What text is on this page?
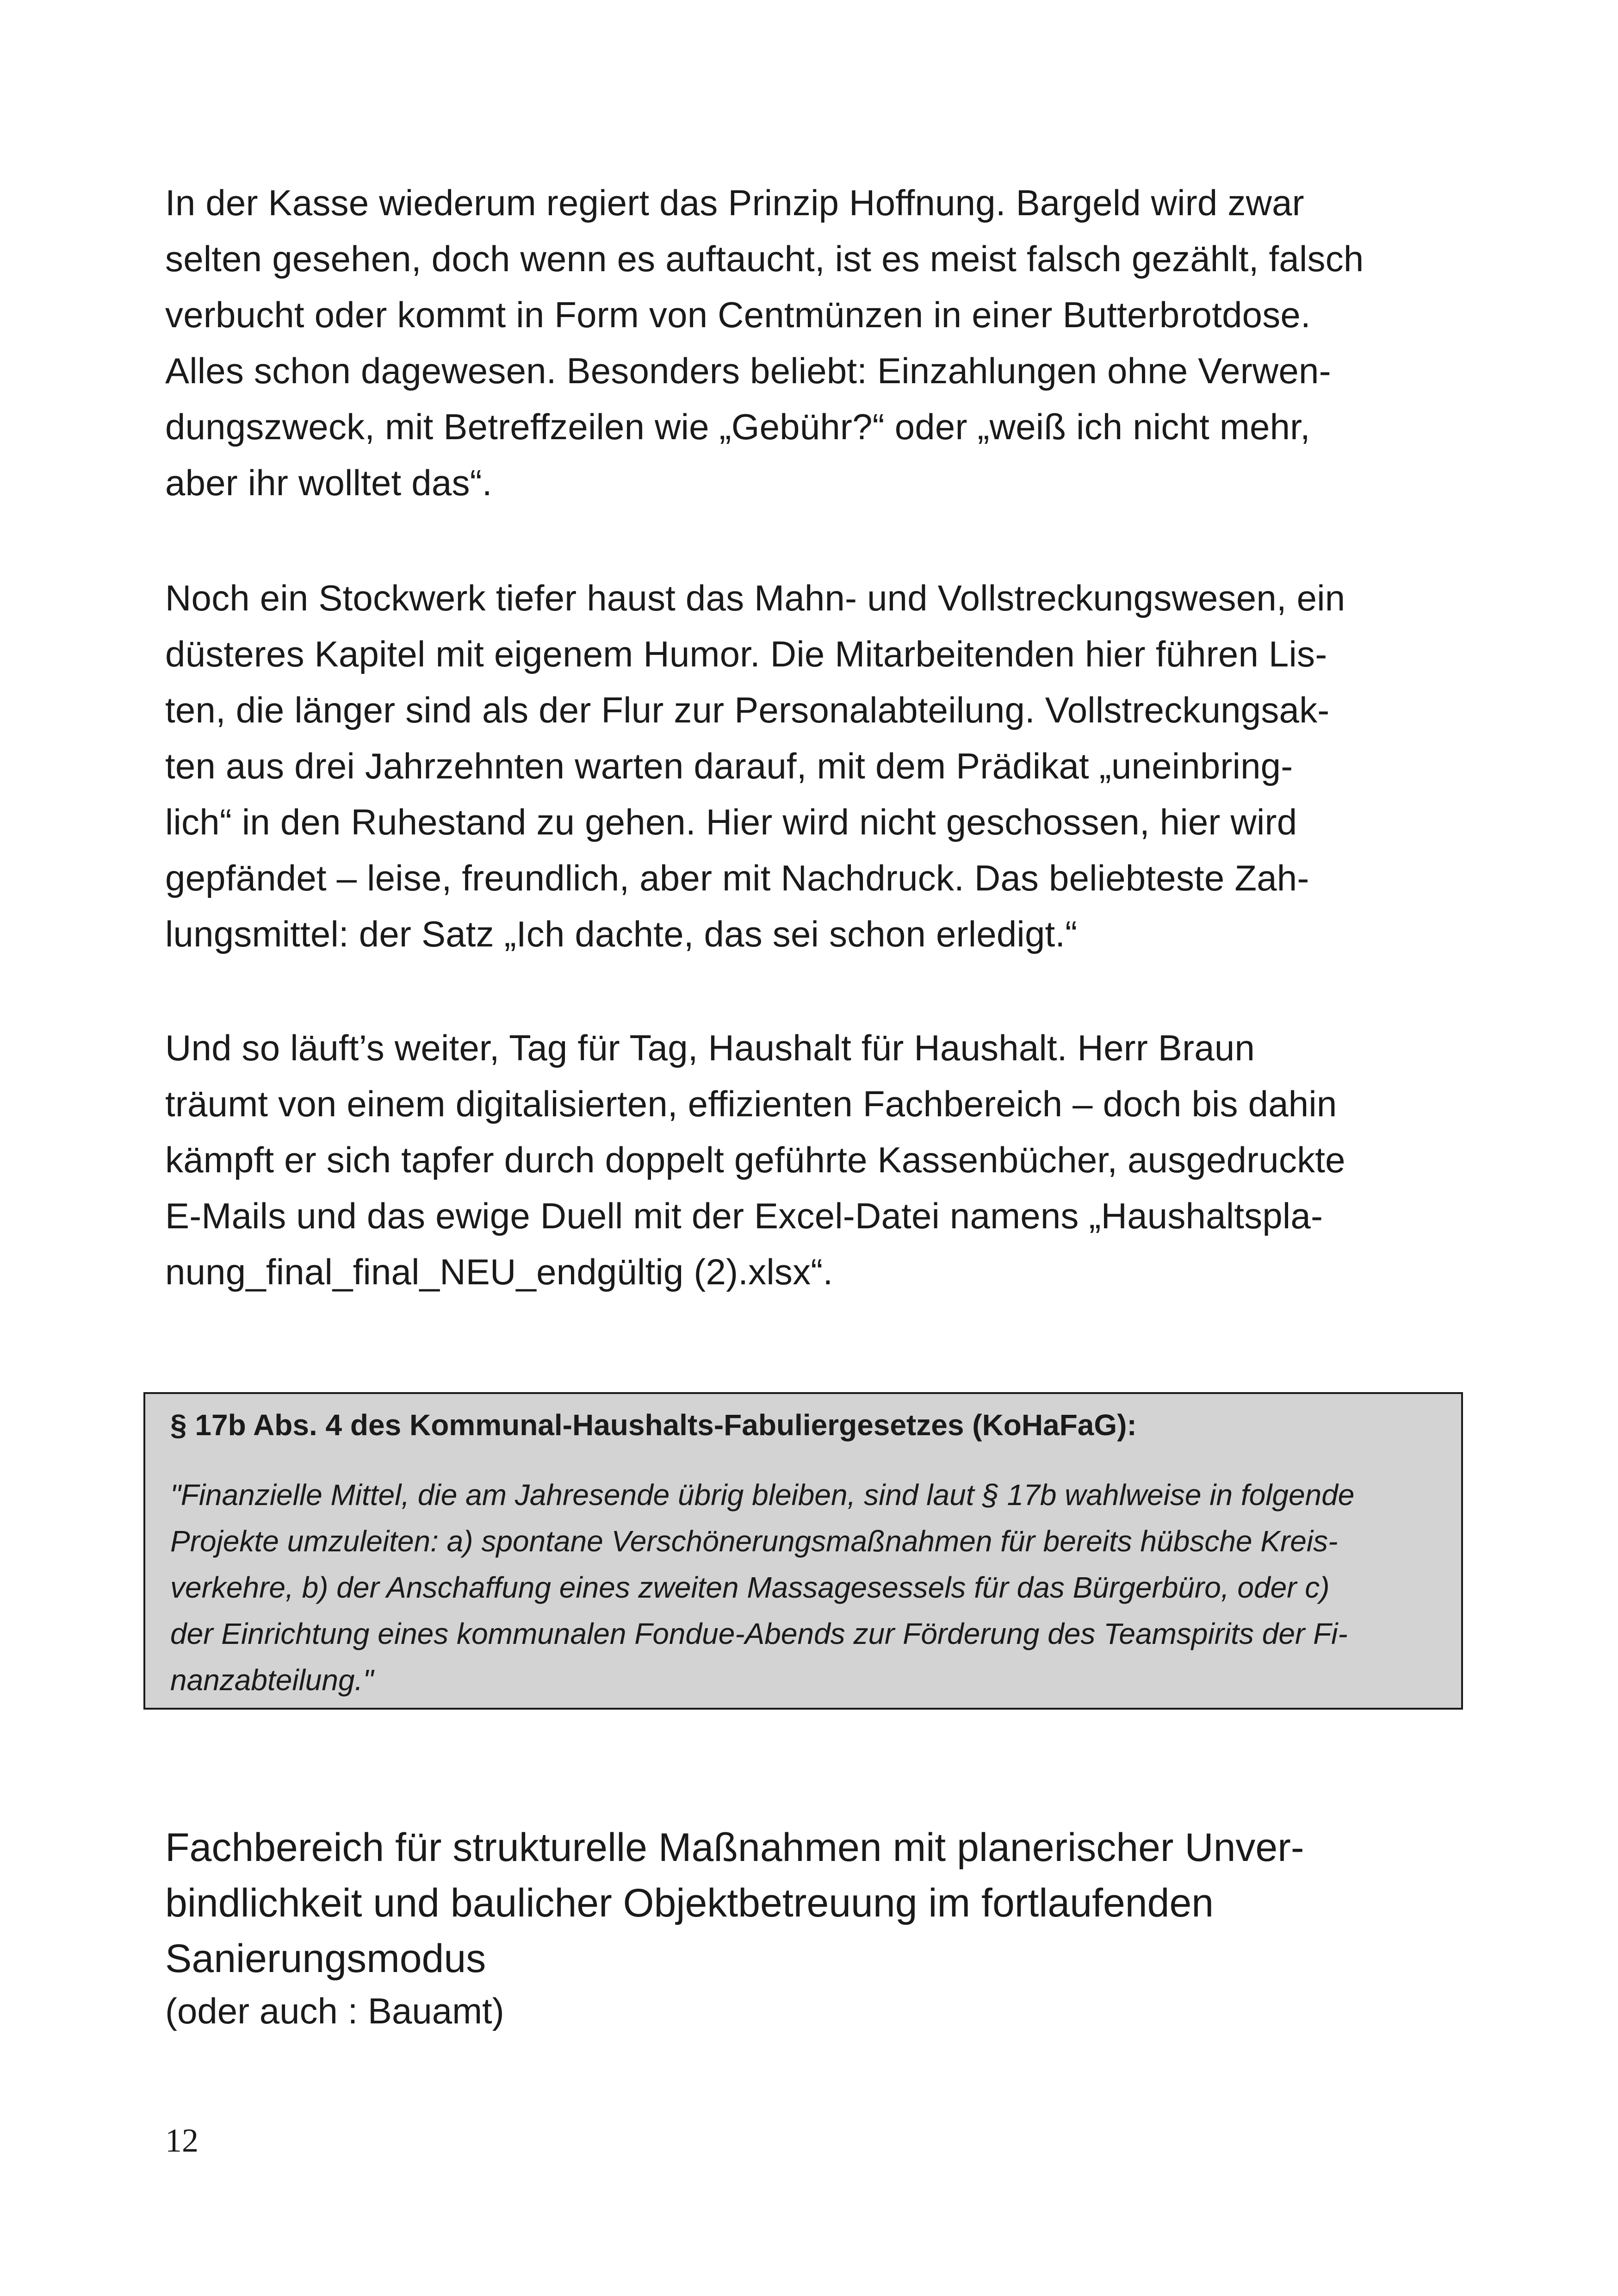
In der Kasse wiederum regiert das Prinzip Hoffnung. Bargeld wird zwar
selten gesehen, doch wenn es auftaucht, ist es meist falsch gezählt, falsch
verbucht oder kommt in Form von Centmünzen in einer Butterbrotdose.
Alles schon dagewesen. Besonders beliebt: Einzahlungen ohne Verwen-
dungszweck, mit Betreffzeilen wie „Gebühr?“ oder „weiß ich nicht mehr,
aber ihr wolltet das“.
Noch ein Stockwerk tiefer haust das Mahn- und Vollstreckungswesen, ein
düsteres Kapitel mit eigenem Humor. Die Mitarbeitenden hier führen Lis-
ten, die länger sind als der Flur zur Personalabteilung. Vollstreckungsak-
ten aus drei Jahrzehnten warten darauf, mit dem Prädikat „uneinbring-
lich“ in den Ruhestand zu gehen. Hier wird nicht geschossen, hier wird
gepfändet – leise, freundlich, aber mit Nachdruck. Das beliebteste Zah-
lungsmittel: der Satz „Ich dachte, das sei schon erledigt.“
Und so läuft’s weiter, Tag für Tag, Haushalt für Haushalt. Herr Braun
träumt von einem digitalisierten, effizienten Fachbereich – doch bis dahin
kämpft er sich tapfer durch doppelt geführte Kassenbücher, ausgedruckte
E-Mails und das ewige Duell mit der Excel-Datei namens „Haushaltspla-
nung_final_final_NEU_endgültig (2).xlsx“.
§ 17b Abs. 4 des Kommunal-Haushalts-Fabuliergesetzes (KoHaFaG):
"Finanzielle Mittel, die am Jahresende übrig bleiben, sind laut § 17b wahlweise in folgende
Projekte umzuleiten: a) spontane Verschönerungsmaßnahmen für bereits hübsche Kreis-
verkehre, b) der Anschaffung eines zweiten Massagesessels für das Bürgerbüro, oder c)
der Einrichtung eines kommunalen Fondue-Abends zur Förderung des Teamspirits der Fi-
nanzabteilung."
Fachbereich für strukturelle Maßnahmen mit planerischer Unver-
bindlichkeit und baulicher Objektbetreuung im fortlaufenden
Sanierungsmodus
(oder auch : Bauamt)
12
